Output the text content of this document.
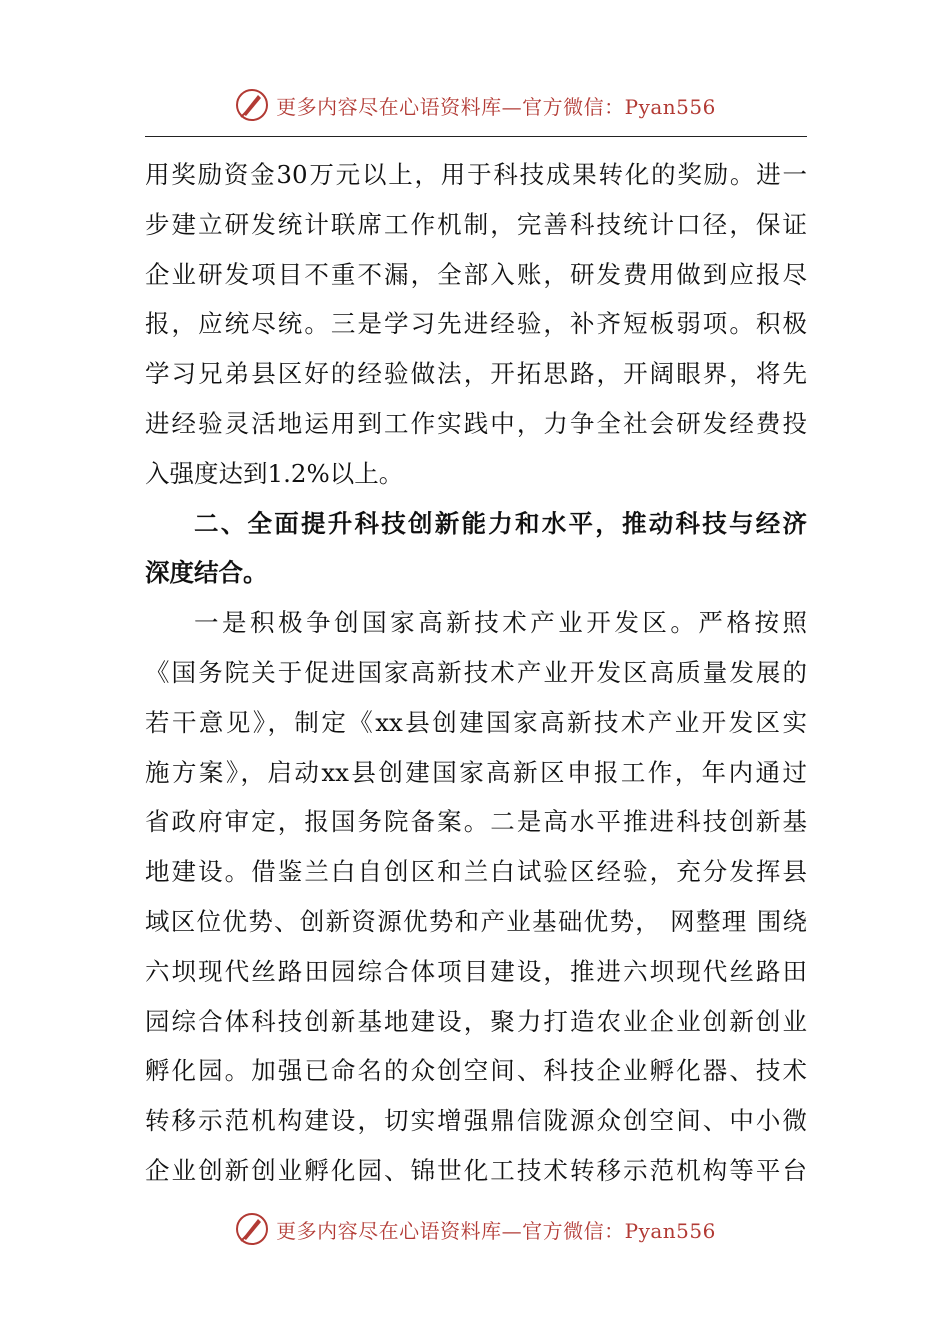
更多内容尽在心语资料库—官方微信：Pyan556
用奖励资金30万元以上，用于科技成果转化的奖励。进一
步建立研发统计联席工作机制，完善科技统计口径，保证
企业研发项目不重不漏，全部入账，研发费用做到应报尽
报，应统尽统。三是学习先进经验，补齐短板弱项。积极
学习兄弟县区好的经验做法，开拓思路，开阔眼界，将先
进经验灵活地运用到工作实践中，力争全社会研发经费投
入强度达到1.2%以上。
二、全面提升科技创新能力和水平，推动科技与经济
深度结合。
一是积极争创国家高新技术产业开发区。严格按照
《国务院关于促进国家高新技术产业开发区高质量发展的
若干意见》，制定《xx县创建国家高新技术产业开发区实
施方案》，启动xx县创建国家高新区申报工作，年内通过
省政府审定，报国务院备案。二是高水平推进科技创新基
地建设。借鉴兰白自创区和兰白试验区经验，充分发挥县
域区位优势、创新资源优势和产业基础优势， 网整理 围绕
六坝现代丝路田园综合体项目建设，推进六坝现代丝路田
园综合体科技创新基地建设，聚力打造农业企业创新创业
孵化园。加强已命名的众创空间、科技企业孵化器、技术
转移示范机构建设，切实增强鼎信陇源众创空间、中小微
企业创新创业孵化园、锦世化工技术转移示范机构等平台
更多内容尽在心语资料库—官方微信：Pyan556
